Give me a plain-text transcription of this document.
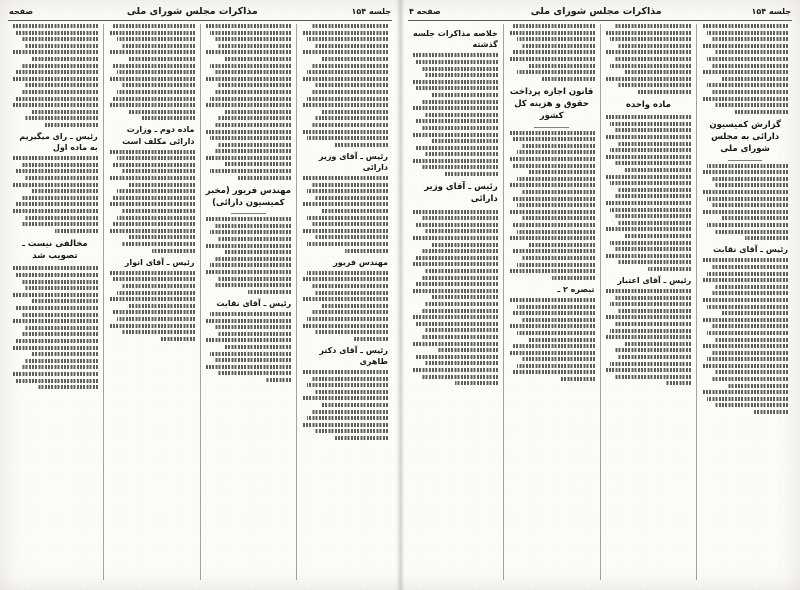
جلسه ۱۵۴
مذاکرات مجلس شورای ملی
صفحه ۴
گزارش کمیسیون دارائی به مجلس شورای ملی
رئیس ـ آقای نقابت
ماده واحده
رئیس ـ آقای اعتبار
قانون اجازه پرداخت حقوق و هزینه کل کشور
تبصره ۲ ـ
خلاصه مذاکرات جلسه گذشته
رئیس ـ آقای وزیر دارائی
جلسه ۱۵۴
مذاکرات مجلس شورای ملی
صفحه
رئیس ـ آقای وزیر دارائی
مهندس فریور
رئیس ـ آقای دکتر طاهری
مهندس فریور (مخبر کمیسیون دارائی)
رئیس ـ آقای نقابت
ماده دوم ـ وزارت دارائی مکلف است
رئیس ـ آقای انوار
رئیس ـ رای میگیریم به ماده اول
مخالفی نیست ـ تصویب شد
